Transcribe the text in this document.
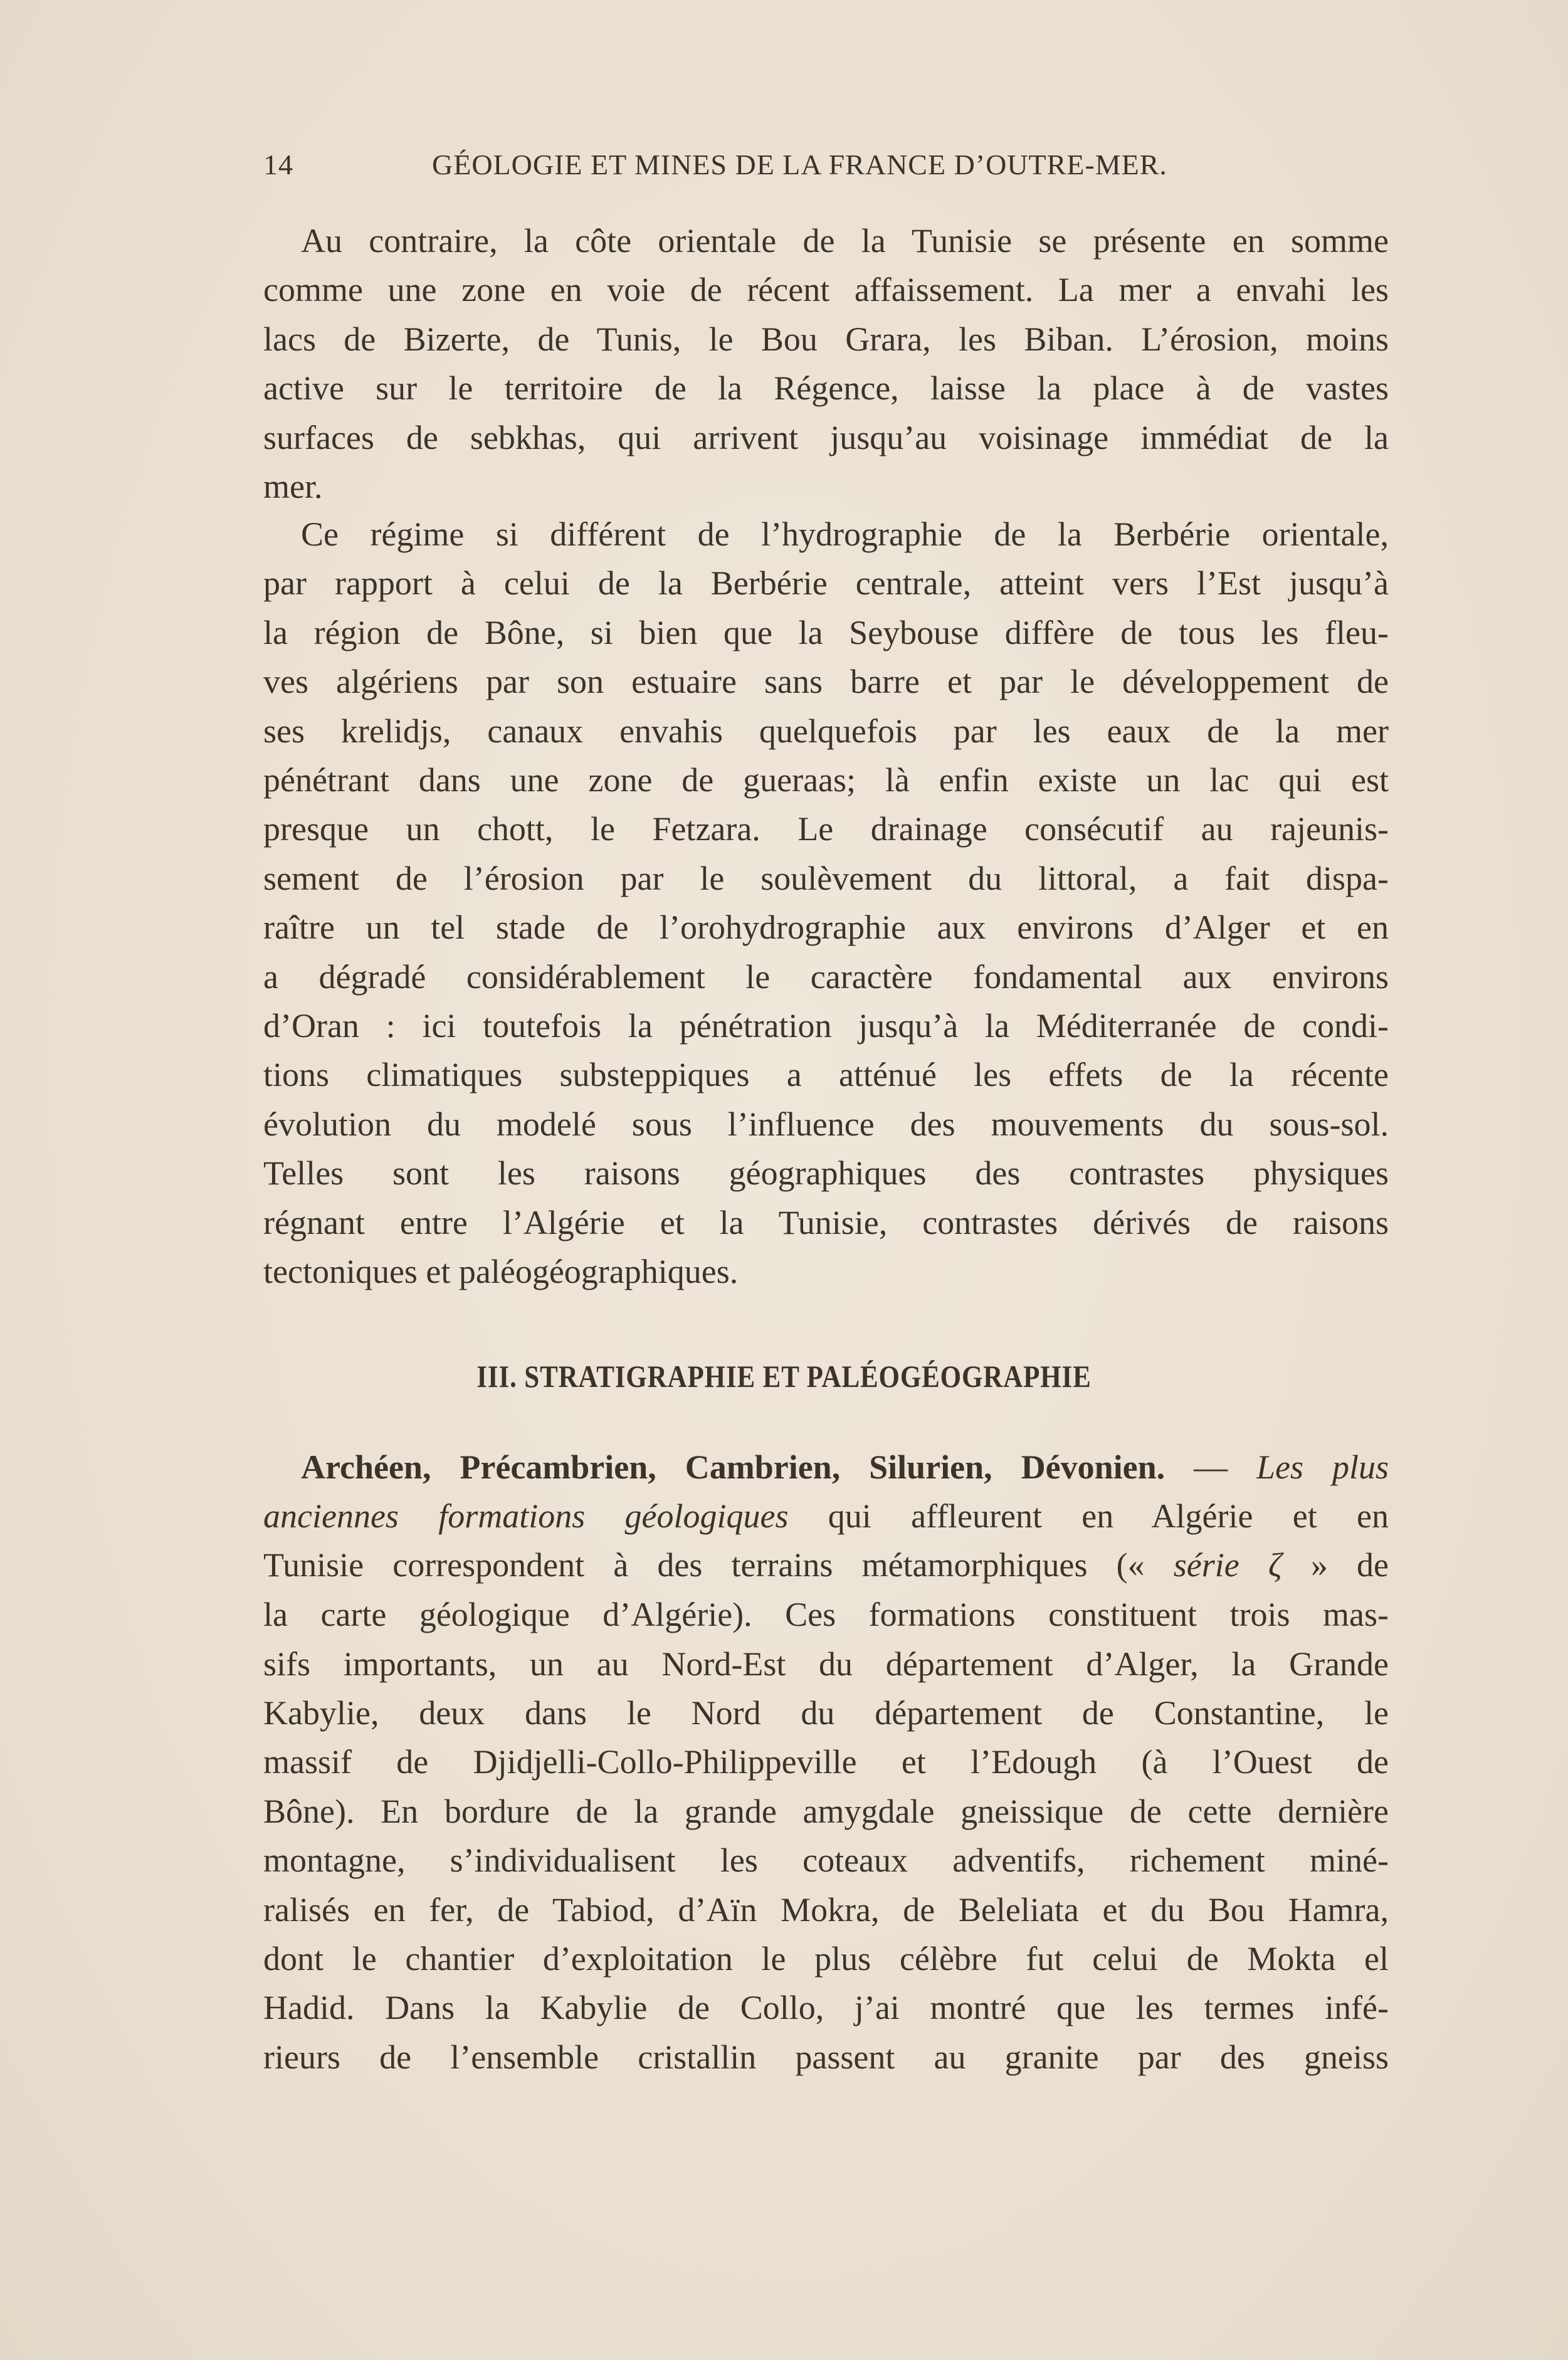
14	GÉOLOGIE ET MINES DE LA FRANCE D’OUTRE-MER.
Au contraire, la côte orientale de la Tunisie se présente en somme
comme une zone en voie de récent affaissement. La mer a envahi les
lacs de Bizerte, de Tunis, le Bou Grara, les Biban. L’érosion, moins
active sur le territoire de la Régence, laisse la place à de vastes
surfaces de sebkhas, qui arrivent jusqu’au voisinage immédiat de la
mer.
Ce régime si différent de l’hydrographie de la Berbérie orientale,
par rapport à celui de la Berbérie centrale, atteint vers l’Est jusqu’à
la région de Bône, si bien que la Seybouse diffère de tous les fleu-
ves algériens par son estuaire sans barre et par le développement de
ses krelidjs, canaux envahis quelquefois par les eaux de la mer
pénétrant dans une zone de gueraas; là enfin existe un lac qui est
presque un chott, le Fetzara. Le drainage consécutif au rajeunis-
sement de l’érosion par le soulèvement du littoral, a fait dispa-
raître un tel stade de l’orohydrographie aux environs d’Alger et en
a dégradé considérablement le caractère fondamental aux environs
d’Oran : ici toutefois la pénétration jusqu’à la Méditerranée de condi-
tions climatiques substeppiques a atténué les effets de la récente
évolution du modelé sous l’influence des mouvements du sous-sol.
Telles sont les raisons géographiques des contrastes physiques
régnant entre l’Algérie et la Tunisie, contrastes dérivés de raisons
tectoniques et paléogéographiques.
III. STRATIGRAPHIE ET PALÉOGÉOGRAPHIE
Archéen, Précambrien, Cambrien, Silurien, Dévonien. — Les plus
anciennes formations géologiques qui affleurent en Algérie et en
Tunisie correspondent à des terrains métamorphiques (« série ζ » de
la carte géologique d’Algérie). Ces formations constituent trois mas-
sifs importants, un au Nord-Est du département d’Alger, la Grande
Kabylie, deux dans le Nord du département de Constantine, le
massif de Djidjelli-Collo-Philippeville et l’Edough (à l’Ouest de
Bône). En bordure de la grande amygdale gneissique de cette dernière
montagne, s’individualisent les coteaux adventifs, richement miné-
ralisés en fer, de Tabiod, d’Aïn Mokra, de Beleliata et du Bou Hamra,
dont le chantier d’exploitation le plus célèbre fut celui de Mokta el
Hadid. Dans la Kabylie de Collo, j’ai montré que les termes infé-
rieurs de l’ensemble cristallin passent au granite par des gneiss
